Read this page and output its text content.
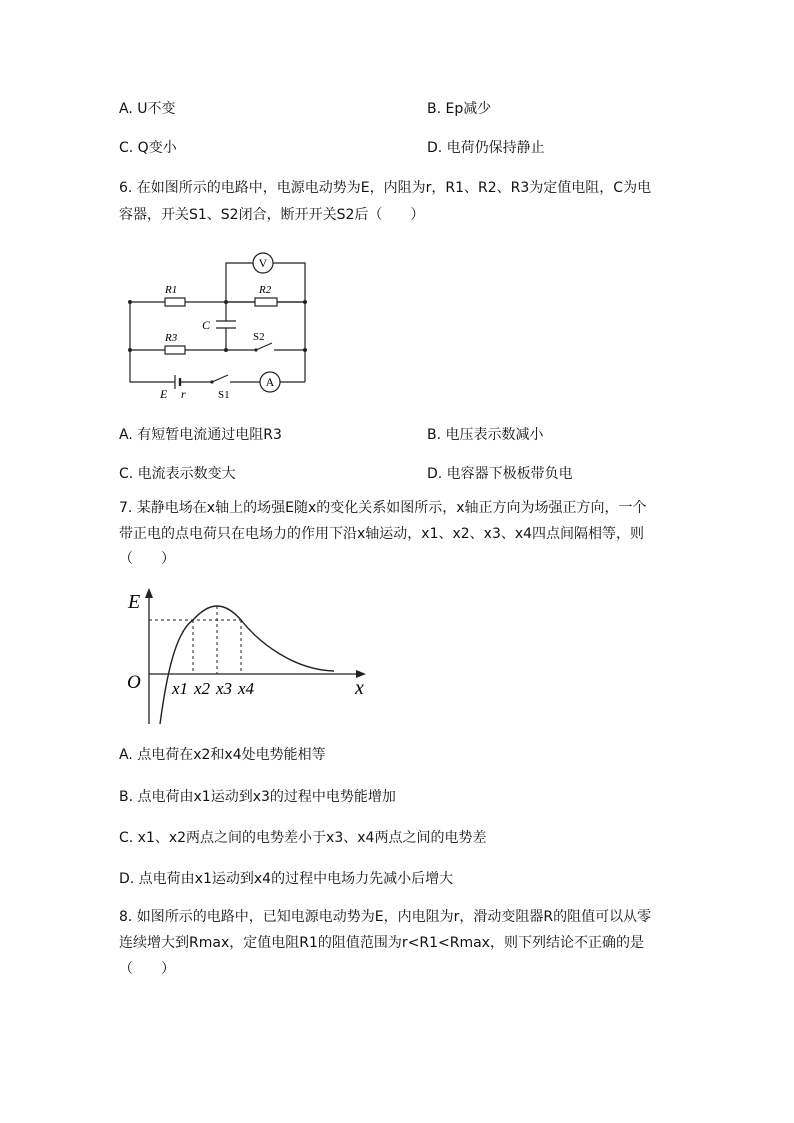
A. U不变	B. Ep减少
C. Q变小	D. 电荷仍保持静止
6. 在如图所示的电路中，电源电动势为E，内阻为r，R1、R2、R3为定值电阻，C为电
容器，开关S1、S2闭合，断开开关S2后（　　）
V
A
R1	R2
R3
C
S2
S1
E r
A. 有短暂电流通过电阻R3	B. 电压表示数减小
C. 电流表示数变大	D. 电容器下极板带负电
7. 某静电场在x轴上的场强E随x的变化关系如图所示，x轴正方向为场强正方向，一个
带正电的点电荷只在电场力的作用下沿x轴运动，x1、x2、x3、x4四点间隔相等，则
（　　）
E
x
O x1 x2 x3 x4
A. 点电荷在x2和x4处电势能相等
B. 点电荷由x1运动到x3的过程中电势能增加
C. x1、x2两点之间的电势差小于x3、x4两点之间的电势差
D. 点电荷由x1运动到x4的过程中电场力先减小后增大
8. 如图所示的电路中，已知电源电动势为E，内电阻为r，滑动变阻器R的阻值可以从零
连续增大到Rmax，定值电阻R1的阻值范围为r<R1<Rmax，则下列结论不正确的是
（　　）
